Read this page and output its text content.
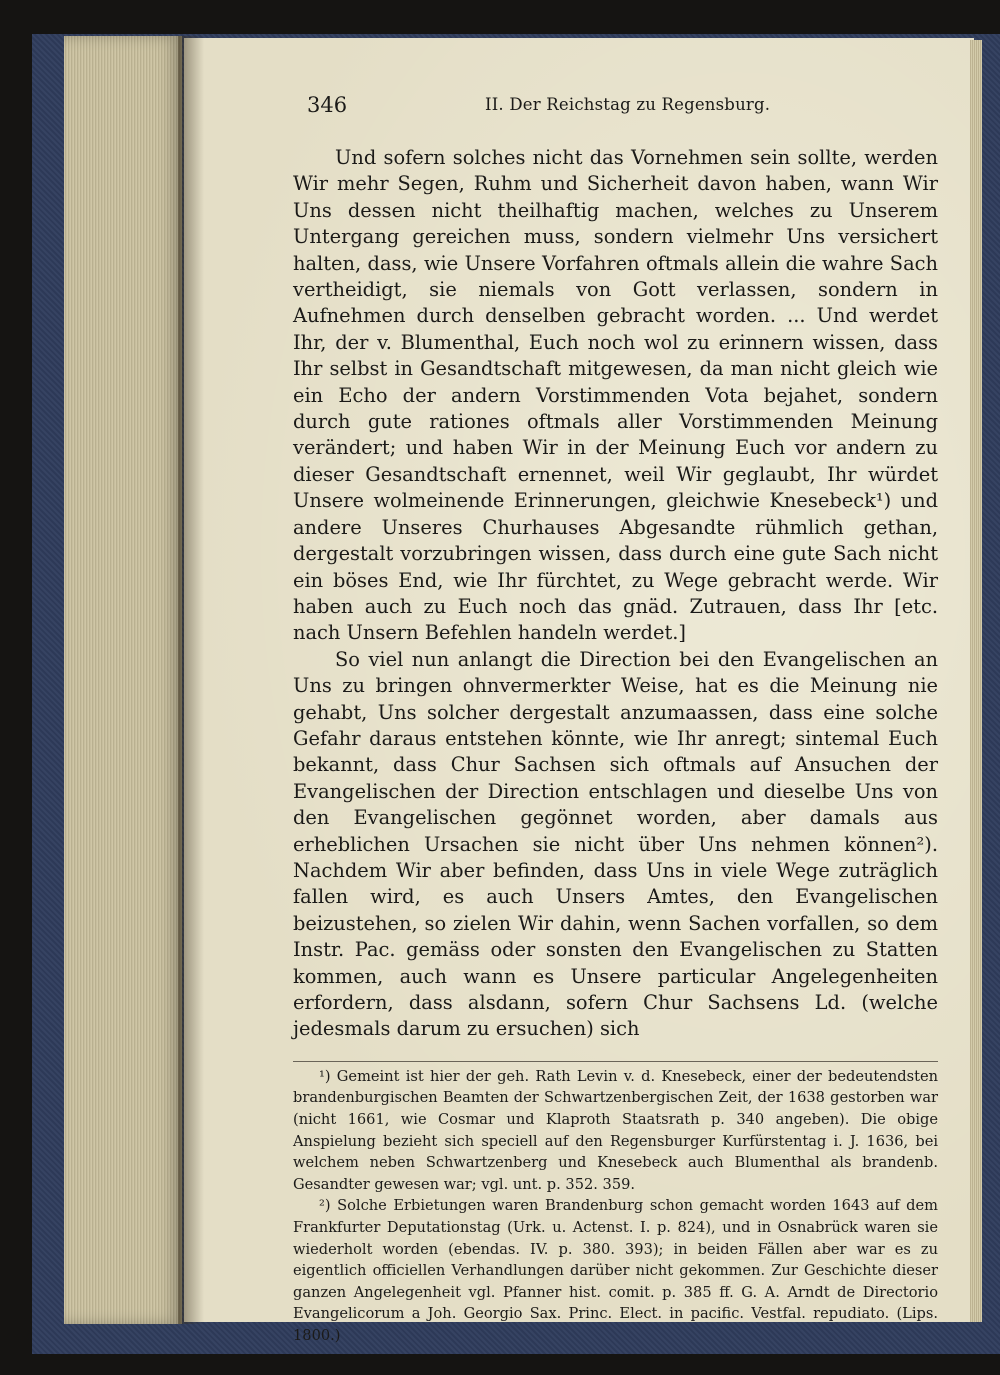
346	II. Der Reichstag zu Regensburg.

Und sofern solches nicht das Vornehmen sein sollte, werden Wir mehr Segen, Ruhm und Sicherheit davon haben, wann Wir Uns dessen nicht theilhaftig machen, welches zu Unserem Untergang gereichen muss, sondern vielmehr Uns versichert halten, dass, wie Unsere Vorfahren oftmals allein die wahre Sach vertheidigt, sie niemals von Gott verlassen, sondern in Aufnehmen durch denselben gebracht worden. ... Und werdet Ihr, der v. Blumenthal, Euch noch wol zu erinnern wissen, dass Ihr selbst in Gesandtschaft mitgewesen, da man nicht gleich wie ein Echo der andern Vorstimmenden Vota bejahet, sondern durch gute rationes oftmals aller Vorstimmenden Meinung verändert; und haben Wir in der Meinung Euch vor andern zu dieser Gesandtschaft ernennet, weil Wir geglaubt, Ihr würdet Unsere wolmeinende Erinnerungen, gleichwie Knesebeck¹) und andere Unseres Churhauses Abgesandte rühmlich gethan, dergestalt vorzubringen wissen, dass durch eine gute Sach nicht ein böses End, wie Ihr fürchtet, zu Wege gebracht werde. Wir haben auch zu Euch noch das gnäd. Zutrauen, dass Ihr [etc. nach Unsern Befehlen handeln werdet.]

So viel nun anlangt die Direction bei den Evangelischen an Uns zu bringen ohnvermerkter Weise, hat es die Meinung nie gehabt, Uns solcher dergestalt anzumaassen, dass eine solche Gefahr daraus entstehen könnte, wie Ihr anregt; sintemal Euch bekannt, dass Chur Sachsen sich oftmals auf Ansuchen der Evangelischen der Direction entschlagen und dieselbe Uns von den Evangelischen gegönnet worden, aber damals aus erheblichen Ursachen sie nicht über Uns nehmen können²). Nachdem Wir aber befinden, dass Uns in viele Wege zuträglich fallen wird, es auch Unsers Amtes, den Evangelischen beizustehen, so zielen Wir dahin, wenn Sachen vorfallen, so dem Instr. Pac. gemäss oder sonsten den Evangelischen zu Statten kommen, auch wann es Unsere particular Angelegenheiten erfordern, dass alsdann, sofern Chur Sachsens Ld. (welche jedesmals darum zu ersuchen) sich

¹) Gemeint ist hier der geh. Rath Levin v. d. Knesebeck, einer der bedeutendsten brandenburgischen Beamten der Schwartzenbergischen Zeit, der 1638 gestorben war (nicht 1661, wie Cosmar und Klaproth Staatsrath p. 340 angeben). Die obige Anspielung bezieht sich speciell auf den Regensburger Kurfürstentag i. J. 1636, bei welchem neben Schwartzenberg und Knesebeck auch Blumenthal als brandenb. Gesandter gewesen war; vgl. unt. p. 352. 359.

²) Solche Erbietungen waren Brandenburg schon gemacht worden 1643 auf dem Frankfurter Deputationstag (Urk. u. Actenst. I. p. 824), und in Osnabrück waren sie wiederholt worden (ebendas. IV. p. 380. 393); in beiden Fällen aber war es zu eigentlich officiellen Verhandlungen darüber nicht gekommen. Zur Geschichte dieser ganzen Angelegenheit vgl. Pfanner hist. comit. p. 385 ff. G. A. Arndt de Directorio Evangelicorum a Joh. Georgio Sax. Princ. Elect. in pacific. Vestfal. repudiato. (Lips. 1800.)
